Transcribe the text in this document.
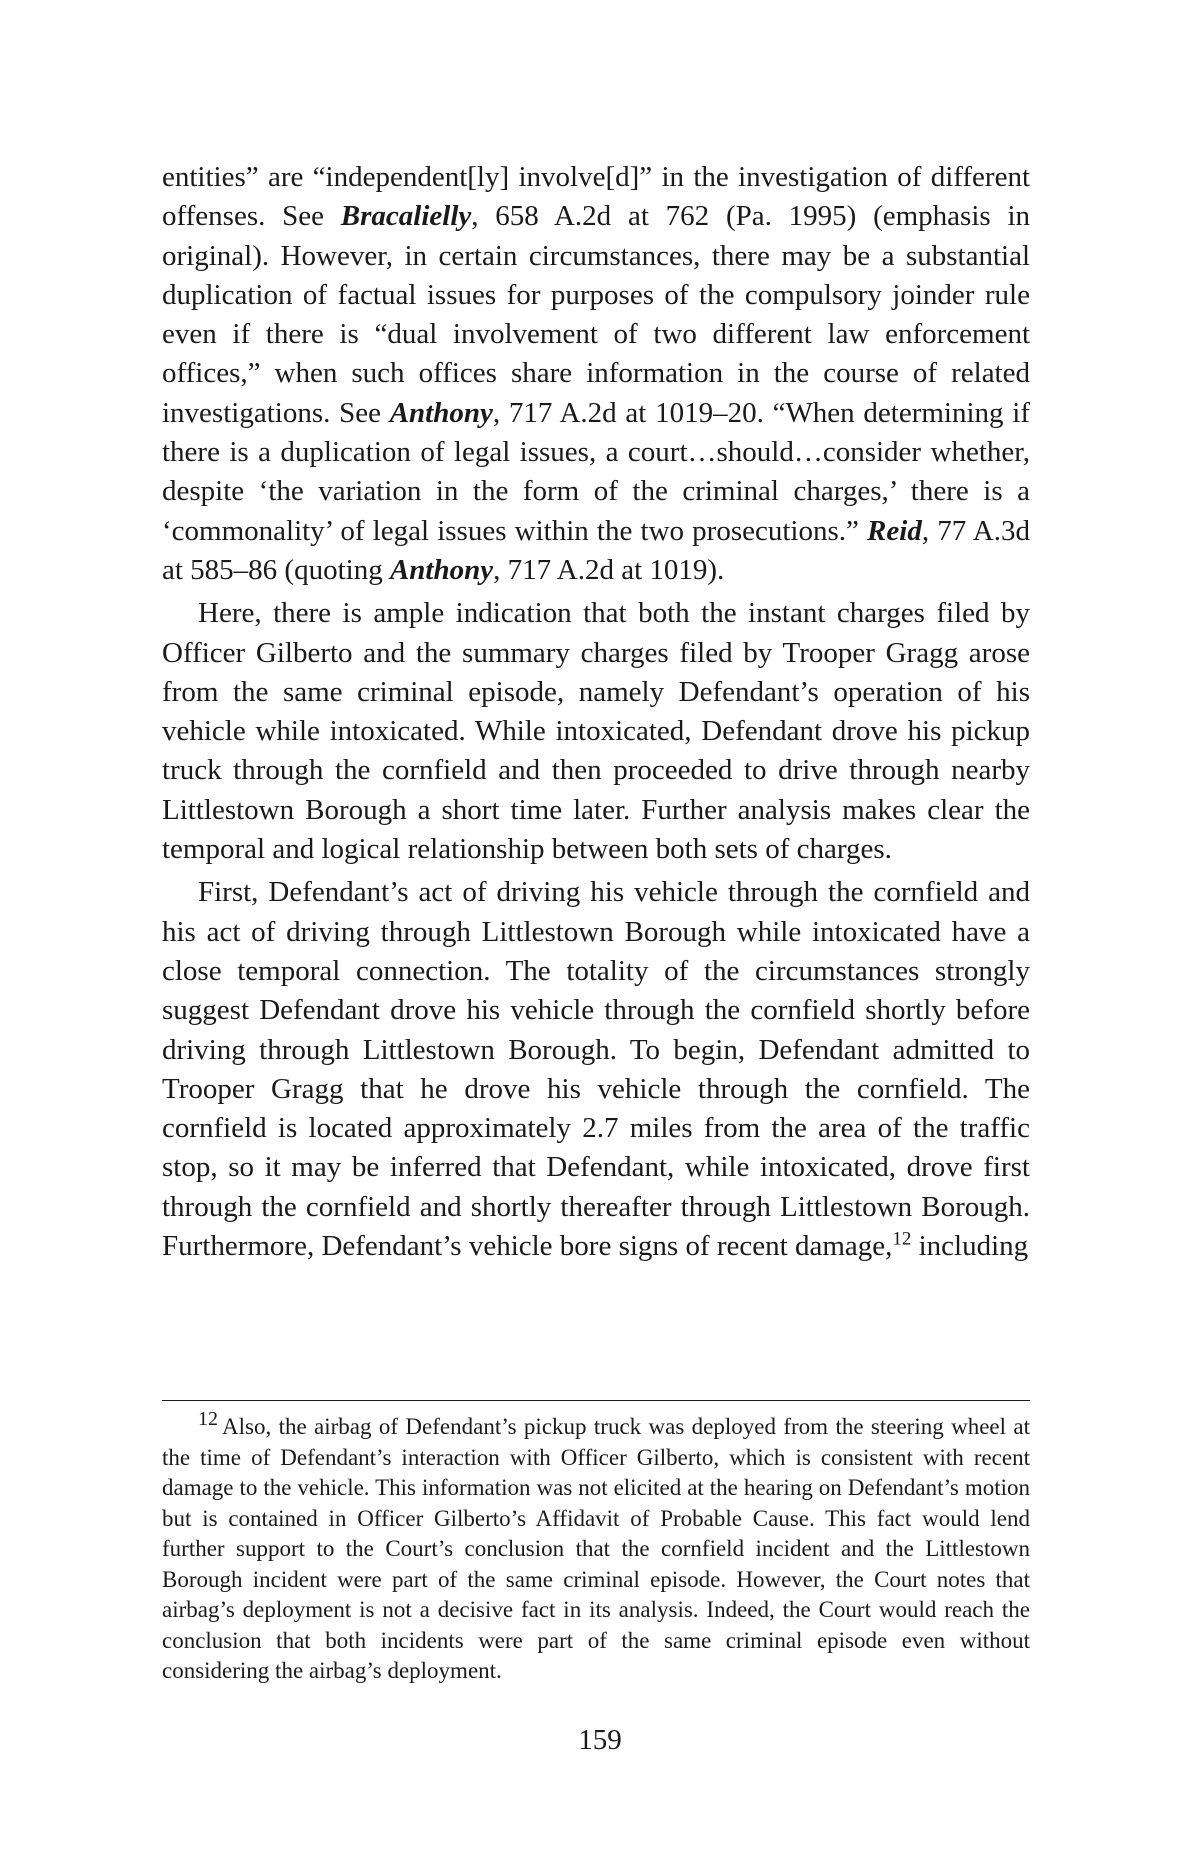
entities” are “independent[ly] involve[d]” in the investigation of different offenses. See Bracalielly, 658 A.2d at 762 (Pa. 1995) (emphasis in original). However, in certain circumstances, there may be a substantial duplication of factual issues for purposes of the compulsory joinder rule even if there is “dual involvement of two different law enforcement offices,” when such offices share information in the course of related investigations. See Anthony, 717 A.2d at 1019–20. “When determining if there is a duplication of legal issues, a court…should…consider whether, despite ‘the variation in the form of the criminal charges,’ there is a ‘commonality’ of legal issues within the two prosecutions.” Reid, 77 A.3d at 585–86 (quoting Anthony, 717 A.2d at 1019).

Here, there is ample indication that both the instant charges filed by Officer Gilberto and the summary charges filed by Trooper Gragg arose from the same criminal episode, namely Defendant’s operation of his vehicle while intoxicated. While intoxicated, Defendant drove his pickup truck through the cornfield and then proceeded to drive through nearby Littlestown Borough a short time later. Further analysis makes clear the temporal and logical relationship between both sets of charges.

First, Defendant’s act of driving his vehicle through the cornfield and his act of driving through Littlestown Borough while intoxicated have a close temporal connection. The totality of the circumstances strongly suggest Defendant drove his vehicle through the cornfield shortly before driving through Littlestown Borough. To begin, Defendant admitted to Trooper Gragg that he drove his vehicle through the cornfield. The cornfield is located approximately 2.7 miles from the area of the traffic stop, so it may be inferred that Defendant, while intoxicated, drove first through the cornfield and shortly thereafter through Littlestown Borough. Furthermore, Defendant’s vehicle bore signs of recent damage,$^{12}$ including

12 Also, the airbag of Defendant’s pickup truck was deployed from the steering wheel at the time of Defendant’s interaction with Officer Gilberto, which is consistent with recent damage to the vehicle. This information was not elicited at the hearing on Defendant’s motion but is contained in Officer Gilberto’s Affidavit of Probable Cause. This fact would lend further support to the Court’s conclusion that the cornfield incident and the Littlestown Borough incident were part of the same criminal episode. However, the Court notes that airbag’s deployment is not a decisive fact in its analysis. Indeed, the Court would reach the conclusion that both incidents were part of the same criminal episode even without considering the airbag’s deployment.

159
